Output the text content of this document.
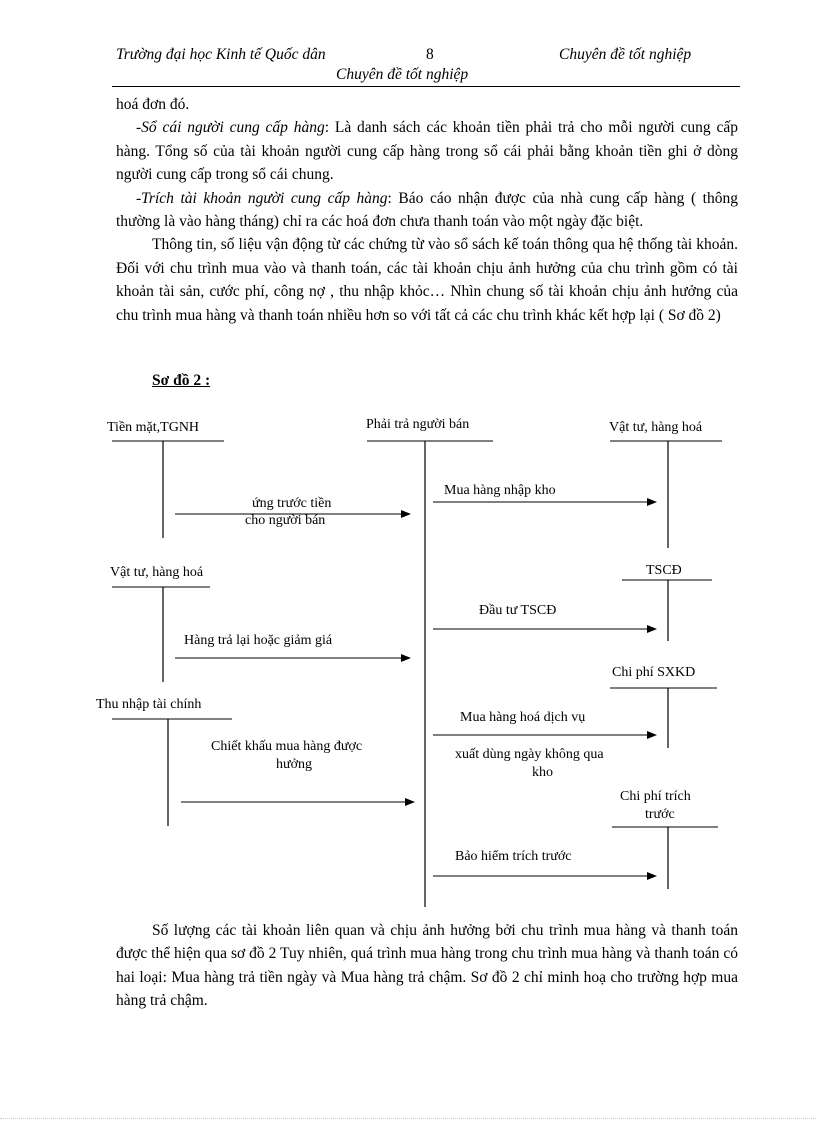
Trường đại học Kinh tế Quốc dân	8	Chuyên đề tốt nghiệp
Chuyên đề tốt nghiệp

hoá đơn đó.

-Sổ cái người cung cấp hàng: Là danh sách các khoản tiền phải trả cho mỗi người cung cấp hàng. Tổng số của tài khoản người cung cấp hàng trong sổ cái phải bằng khoản tiền ghi ở dòng người cung cấp trong sổ cái chung.

-Trích tài khoản người cung cấp hàng: Báo cáo nhận được của nhà cung cấp hàng ( thông thường là vào hàng tháng) chỉ ra các hoá đơn chưa thanh toán vào một ngày đặc biệt.

Thông tin, số liệu vận động từ các chứng từ vào sổ sách kế toán thông qua hệ thống tài khoản. Đối với chu trình mua vào và thanh toán, các tài khoản chịu ảnh hưởng của chu trình gồm có tài khoản tài sản, cước phí, công nợ , thu nhập khỏc… Nhìn chung số tài khoản chịu ảnh hưởng của chu trình mua hàng và thanh toán nhiều hơn so với tất cả các chu trình khác kết hợp lại ( Sơ đồ 2)

Sơ đồ 2 :
Tiền mặt,TGNH	Phải trả người bán	Vật tư, hàng hoá
Vật tư, hàng hoá	TSCĐ
Chi phí SXKD
Thu nhập tài chính
Chi phí trích
trước
ứng trước tiền
cho người bán
Mua hàng nhập kho
Đầu tư TSCĐ
Hàng trả lại hoặc giảm giá
Mua hàng hoá dịch vụ
xuất dùng ngày không qua
kho
Chiết khấu mua hàng được
hưởng
Bảo hiểm trích trước

Số lượng các tài khoản liên quan và chịu ảnh hưởng bởi chu trình mua hàng và thanh toán được thể hiện qua sơ đồ 2 Tuy nhiên, quá trình mua hàng trong chu trình mua hàng và thanh toán có hai loại: Mua hàng trả tiền ngày và Mua hàng trả chậm. Sơ đồ 2 chỉ minh hoạ cho trường hợp mua hàng trả chậm.
